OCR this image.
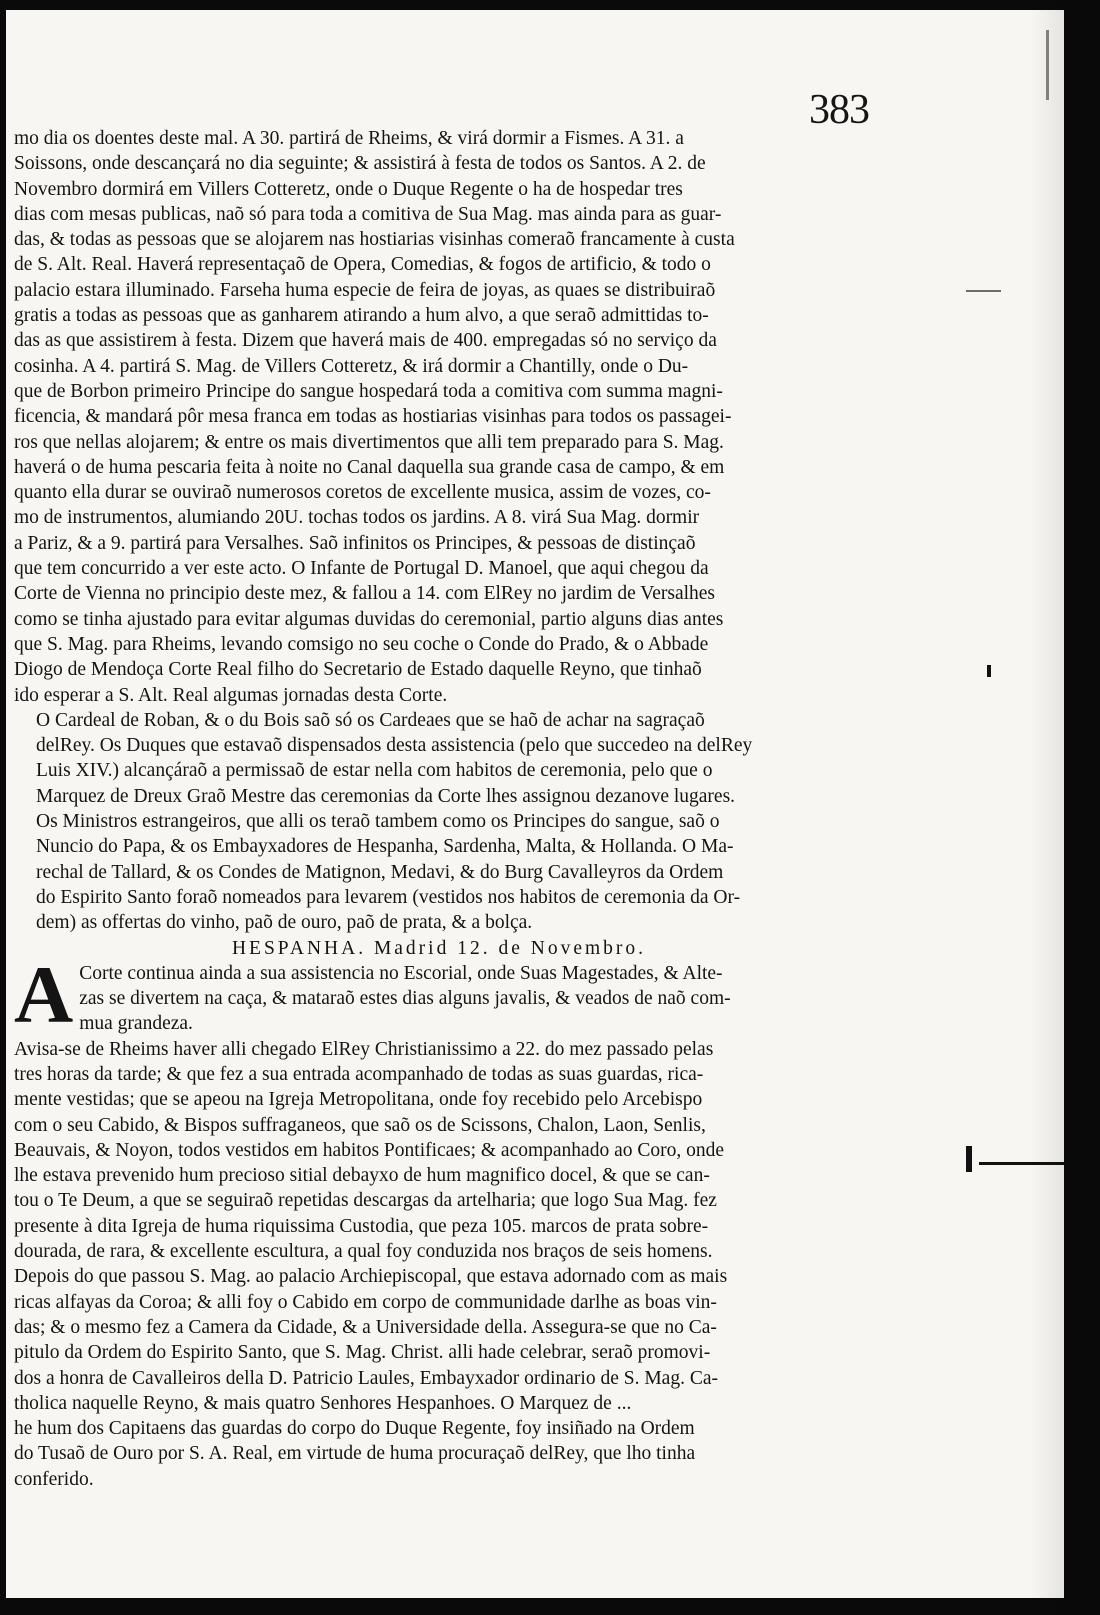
383
mo dia os doentes deste mal. A 30. partirá de Rheims, & virá dormir a Fismes. A 31. a
Soissons, onde descançará no dia seguinte; & assistirá à festa de todos os Santos. A 2. de
Novembro dormirá em Villers Cotteretz, onde o Duque Regente o ha de hospedar tres
dias com mesas publicas, naõ só para toda a comitiva de Sua Mag. mas ainda para as guar-
das, & todas as pessoas que se alojarem nas hostiarias visinhas comeraõ francamente à custa
de S. Alt. Real. Haverá representaçaõ de Opera, Comedias, & fogos de artificio, & todo o
palacio estara illuminado. Farseha huma especie de feira de joyas, as quaes se distribuiraõ
gratis a todas as pessoas que as ganharem atirando a hum alvo, a que seraõ admittidas to-
das as que assistirem à festa. Dizem que haverá mais de 400. empregadas só no serviço da
cosinha. A 4. partirá S. Mag. de Villers Cotteretz, & irá dormir a Chantilly, onde o Du-
que de Borbon primeiro Principe do sangue hospedará toda a comitiva com summa magni-
ficencia, & mandará pôr mesa franca em todas as hostiarias visinhas para todos os passagei-
ros que nellas alojarem; & entre os mais divertimentos que alli tem preparado para S. Mag.
haverá o de huma pescaria feita à noite no Canal daquella sua grande casa de campo, & em
quanto ella durar se ouviraõ numerosos coretos de excellente musica, assim de vozes, co-
mo de instrumentos, alumiando 20U. tochas todos os jardins. A 8. virá Sua Mag. dormir
a Pariz, & a 9. partirá para Versalhes. Saõ infinitos os Principes, & pessoas de distinçaõ
que tem concurrido a ver este acto. O Infante de Portugal D. Manoel, que aqui chegou da
Corte de Vienna no principio deste mez, & fallou a 14. com ElRey no jardim de Versalhes
como se tinha ajustado para evitar algumas duvidas do ceremonial, partio alguns dias antes
que S. Mag. para Rheims, levando comsigo no seu coche o Conde do Prado, & o Abbade
Diogo de Mendoça Corte Real filho do Secretario de Estado daquelle Reyno, que tinhaõ
ido esperar a S. Alt. Real algumas jornadas desta Corte.
O Cardeal de Roban, & o du Bois saõ só os Cardeaes que se haõ de achar na sagraçaõ
delRey. Os Duques que estavaõ dispensados desta assistencia (pelo que succedeo na delRey
Luis XIV.) alcançáraõ a permissaõ de estar nella com habitos de ceremonia, pelo que o
Marquez de Dreux Graõ Mestre das ceremonias da Corte lhes assignou dezanove lugares.
Os Ministros estrangeiros, que alli os teraõ tambem como os Principes do sangue, saõ o
Nuncio do Papa, & os Embayxadores de Hespanha, Sardenha, Malta, & Hollanda. O Ma-
rechal de Tallard, & os Condes de Matignon, Medavi, & do Burg Cavalleyros da Ordem
do Espirito Santo foraõ nomeados para levarem (vestidos nos habitos de ceremonia da Or-
dem) as offertas do vinho, paõ de ouro, paõ de prata, & a bolça.
HESPANHA. Madrid 12. de Novembro.
A Corte continua ainda a sua assistencia no Escorial, onde Suas Magestades, & Alte-
zas se divertem na caça, & mataraõ estes dias alguns javalis, & veados de naõ com-
mua grandeza.
Avisa-se de Rheims haver alli chegado ElRey Christianissimo a 22. do mez passado pelas
tres horas da tarde; & que fez a sua entrada acompanhado de todas as suas guardas, rica-
mente vestidas; que se apeou na Igreja Metropolitana, onde foy recebido pelo Arcebispo
com o seu Cabido, & Bispos suffraganeos, que saõ os de Scissons, Chalon, Laon, Senlis,
Beauvais, & Noyon, todos vestidos em habitos Pontificaes; & acompanhado ao Coro, onde
lhe estava prevenido hum precioso sitial debayxo de hum magnifico docel, & que se can-
tou o Te Deum, a que se seguiraõ repetidas descargas da artelharia; que logo Sua Mag. fez
presente à dita Igreja de huma riquissima Custodia, que peza 105. marcos de prata sobre-
dourada, de rara, & excellente esculturа, a qual foy conduzida nos braços de seis homens.
Depois do que passou S. Mag. ao palacio Archiepiscopal, que estava adornado com as mais
ricas alfayas da Coroa; & alli foy o Cabido em corpo de communidade darlhe as boas vin-
das; & o mesmo fez a Camera da Cidade, & a Universidade della. Assegura-se que no Ca-
pitulo da Ordem do Espirito Santo, que S. Mag. Christ. alli hade celebrar, seraõ promovi-
dos a honra de Cavalleiros della D. Patricio Laules, Embayxador ordinario de S. Mag. Ca-
tholica naquelle Reyno, & mais quatro Senhores Hespanhoes. O Marquez de ...
he hum dos Capitaens das guardas do corpo do Duque Regente, foy insiñado na Ordem
do Tusaõ de Ouro por S. A. Real, em virtude de huma procuraçaõ delRey, que lho tinha
conferido.
